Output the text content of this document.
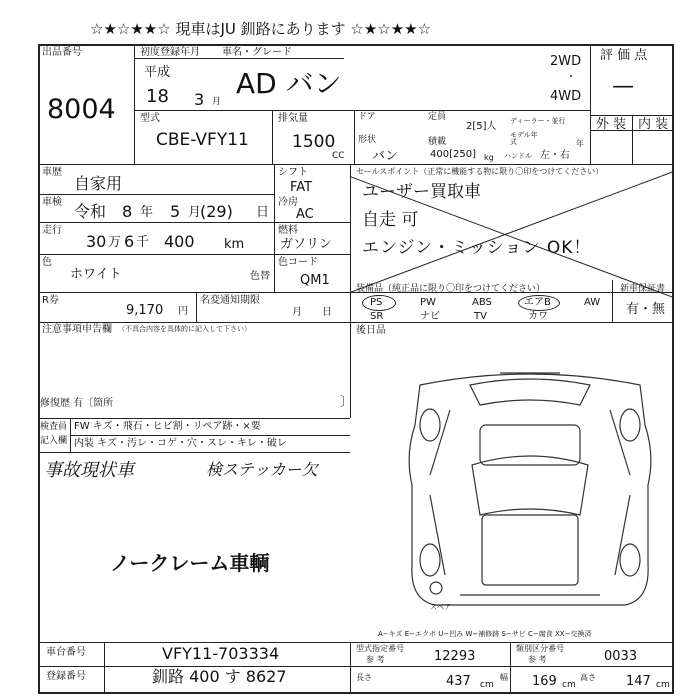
☆★☆★★☆ 現車はJU 釧路にあります ☆★☆★★☆
出品番号
8004
初度登録年月
平成
18 3 月
車名・グレード
AD バン
2WD
・
4WD
評 価 点
—
外 装 内 装
型式
CBE-VFY11
排気量
1500
CC
ドア	定員
2[5]人 ディーラー・並行
形状
バン
積載
400[250] kg ハンドル 左・右
モデル年式	年
車歴
自家用
車検 令和 8 年 5 月
(29) 日
走行
30 万 6 千 400 km
色
ホワイト	色替
色コード
QM1
シフト
FAT
冷房
AC
燃料
ガソリン
セールスポイント（正常に機能する物に限り〇印をつけてください）
ユーザー買取車
自走 可
エンジン・ミッション OK！
R券
9,170 円
名変通知期限
月 日
装備品（純正品に限り〇印をつけてください）
PS	PW	ABS	エアB	AW
SR	ナビ	TV	カワ
新車保証書
有・無
注意事項申告欄 （不具合内容を具体的に記入して下さい）
修復歴 有〔箇所	〕
後日品
検査員
記入欄
FW キズ・飛石・ヒビ割・リペア跡・×要
内装 キズ・汚レ・コゲ・穴・スレ・キレ・破レ
事故現状車	検ステッカー欠
ノークレーム車輌
スペア
A−キズ E−エクボ U−凹み W−補修跡 S−サビ C−腐食 XX−交換済
車台番号	VFY11-703334
登録番号	釧路 400 す 8627
型式指定番号
参 考	12293
類別区分番号
参 考	0033
長さ	437 cm
幅 169 cm
高さ 147 cm
